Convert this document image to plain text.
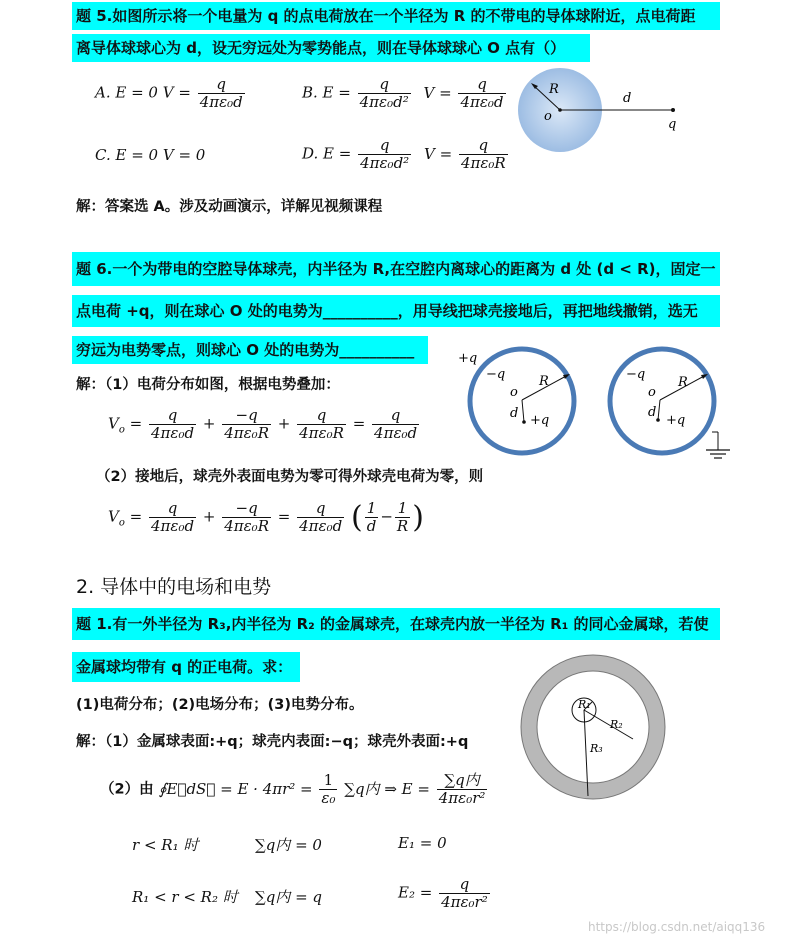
题 5.如图所示将一个电量为 q 的点电荷放在一个半径为 R 的不带电的导体球附近，点电荷距
离导体球球心为 d，设无穷远处为零势能点，则在导体球球心 O 点有（）
A. E = 0 $V = \frac{q}{\text{4πε₀d}}$	B. $E = \frac{q}{\text{4πε₀d²}}$ $V = \frac{q}{\text{4πε₀d}}$
C. E = 0 V = 0	D. $E = \frac{q}{\text{4πε₀d²}}$ $V = \frac{q}{\text{4πε₀R}}$
R
o
d
q
解：答案选 A。涉及动画演示，详解见视频课程
题 6.一个为带电的空腔导体球壳，内半径为 R,在空腔内离球心的距离为 d 处 (d < R)，固定一
点电荷 +q，则在球心 O 处的电势为__________，用导线把球壳接地后，再把地线撤销，选无
穷远为电势零点，则球心 O 处的电势为__________
解：（1）电荷分布如图，根据电势叠加：
$V_o = \frac{q}{\text{4πε₀d}} + \frac{-q}{\text{4πε₀R}} + \frac{q}{\text{4πε₀R}} = \frac{q}{\text{4πε₀d}}$
（2）接地后，球壳外表面电势为零可得外球壳电荷为零，则
$V_o = \frac{q}{\text{4πε₀d}} + \frac{-q}{\text{4πε₀R}} = \frac{q}{\text{4πε₀d}}$ ( $\frac{1}{d} - \frac{1}{R}$ )
+q
−q
o
R
d +q
−q
o
R
d
+q
2. 导体中的电场和电势
题 1.有一外半径为 R₃,内半径为 R₂ 的金属球壳，在球壳内放一半径为 R₁ 的同心金属球，若使
金属球均带有 q 的正电荷。求：
(1)电荷分布；(2)电场分布；(3)电势分布。
解：（1）金属球表面:+q；球壳内表面:−q；球壳外表面:+q
（2）由 ∮E⃗dS⃗ = $E \cdot 4\pi r^2 = \frac{1}{\text{ε₀}} \sum q$内 ⇒ $E = \frac{\text{∑q内}}{\text{4πε₀r²}}$
r < R₁ 时	∑q内 = 0	E₁ = 0
R₁ < r < R₂ 时 ∑q内 = q	$E_2 = \frac{q}{\text{4πε₀r²}}$
R₁
R₂
R₃
https://blog.csdn.net/aiqq136
